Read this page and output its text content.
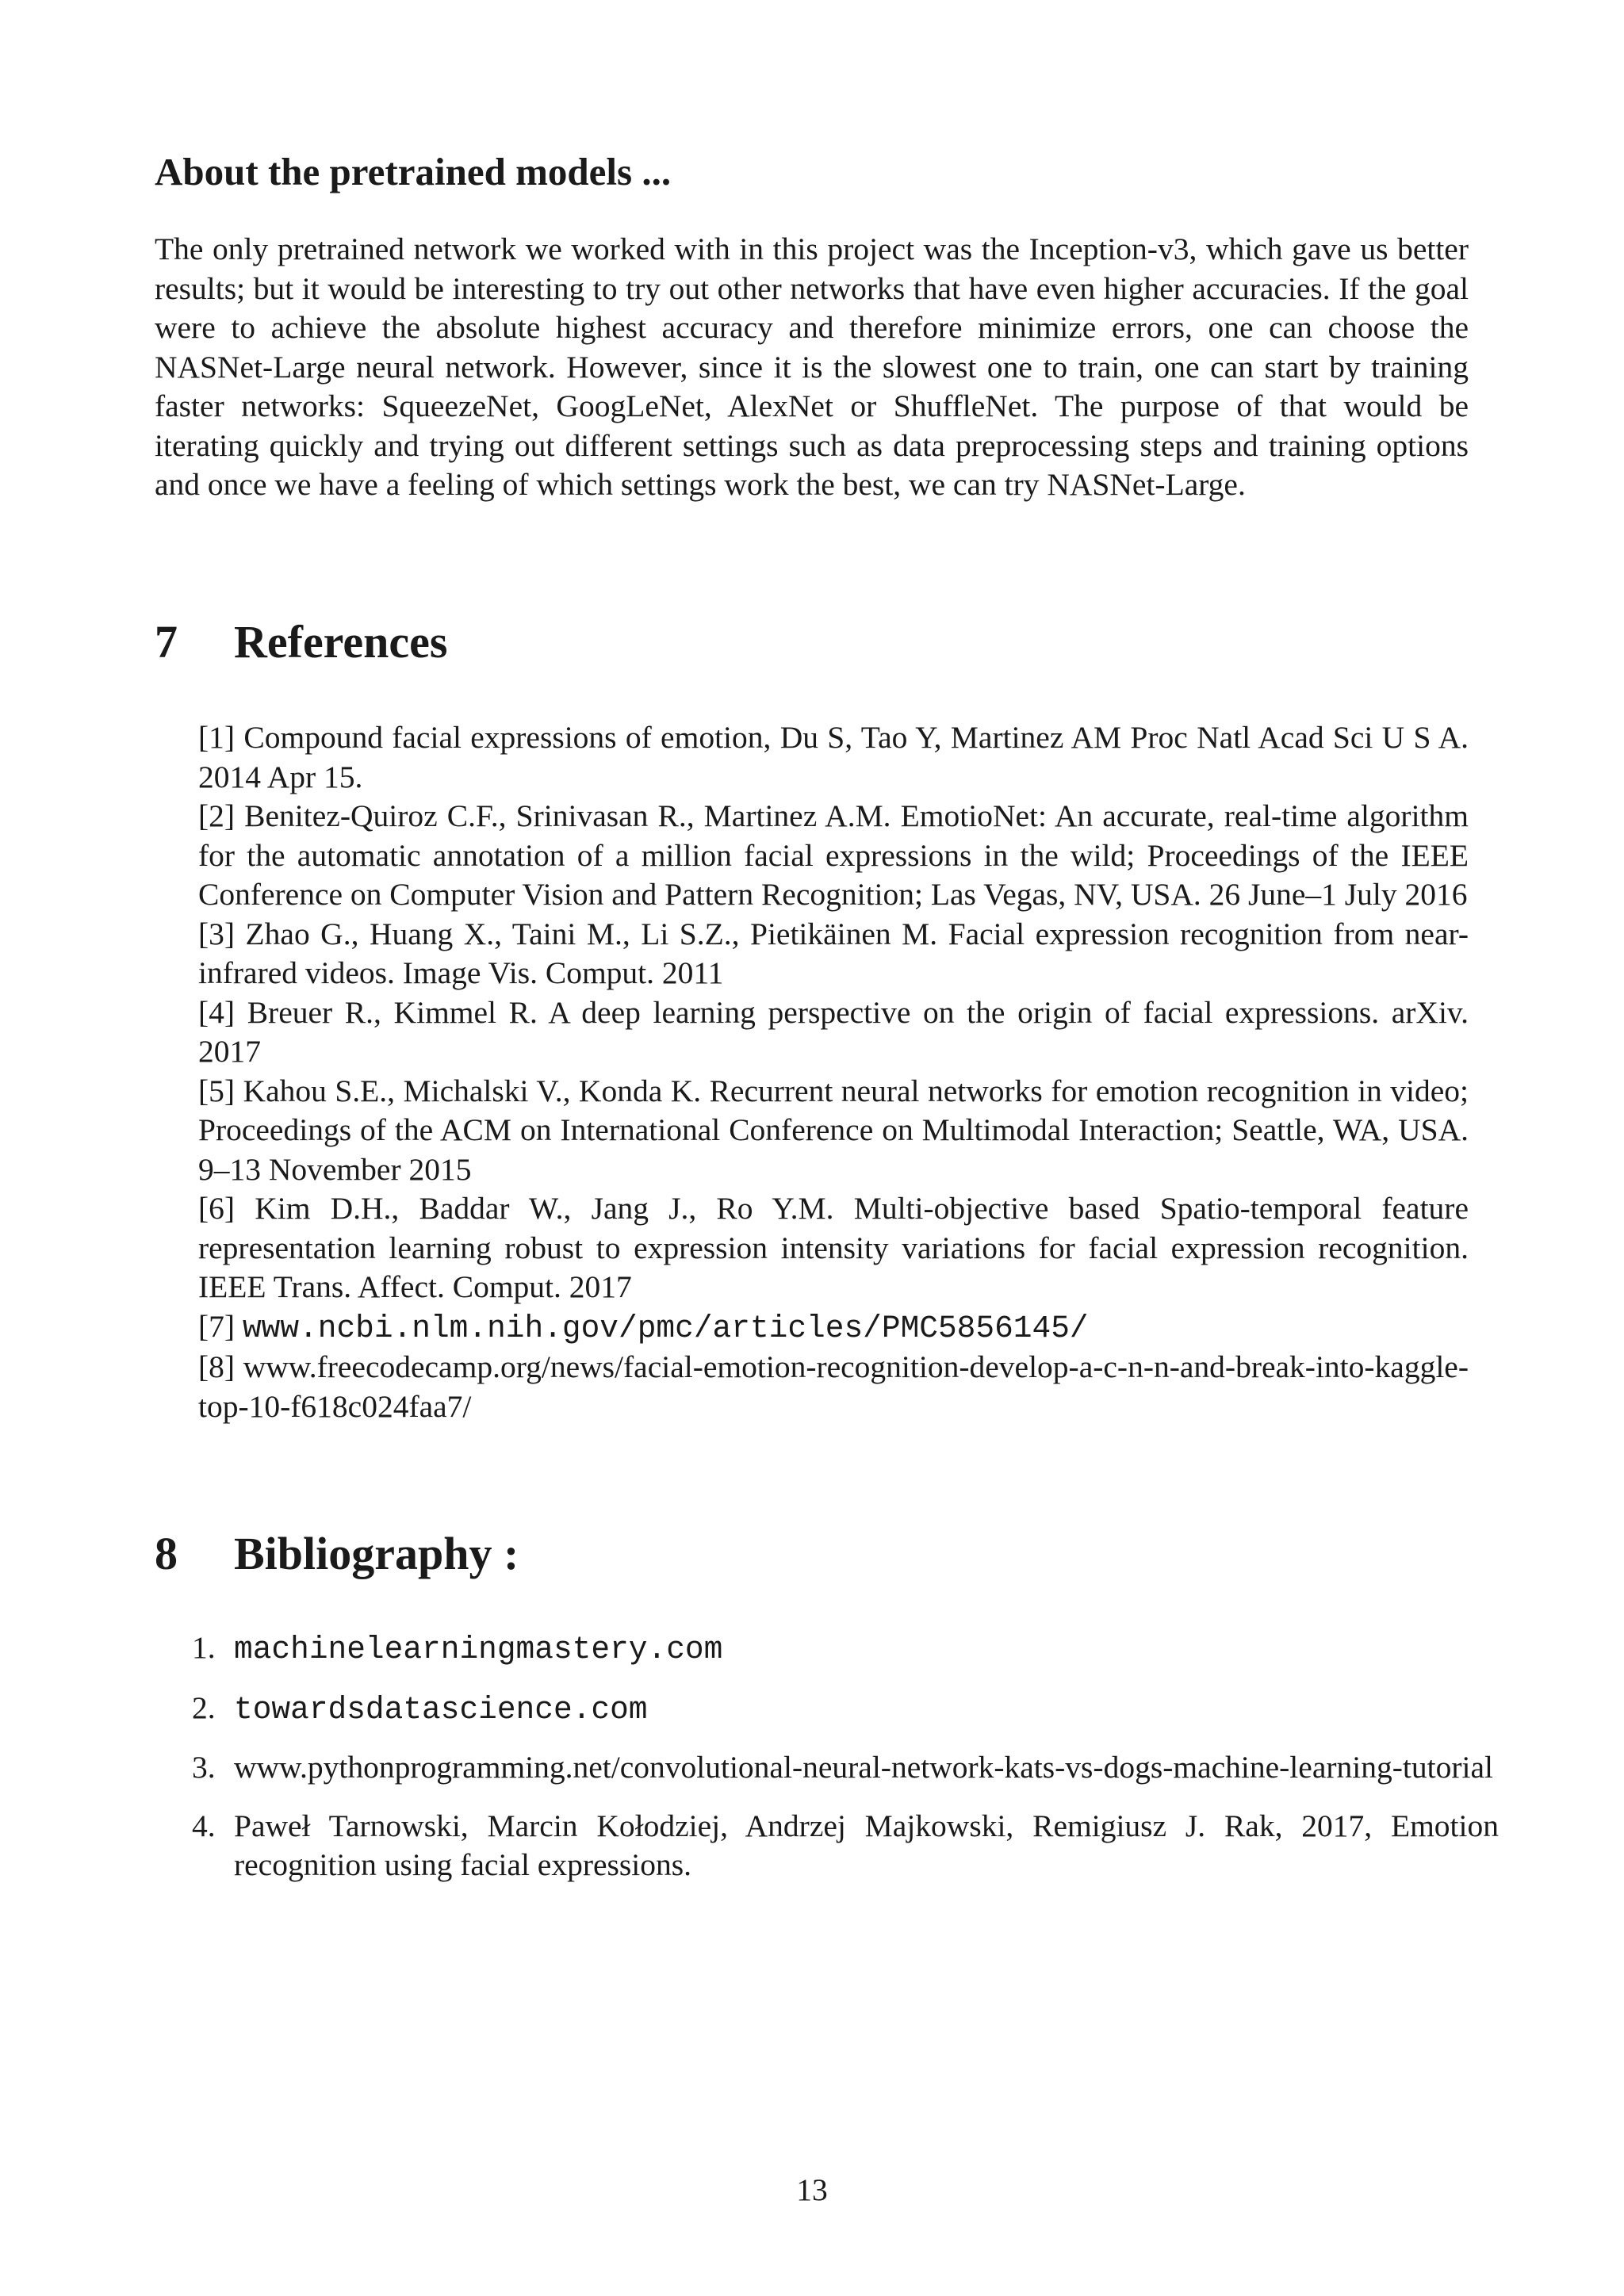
About the pretrained models ...

The only pretrained network we worked with in this project was the Inception-v3, which gave us better results; but it would be interesting to try out other networks that have even higher accuracies. If the goal were to achieve the absolute highest accuracy and therefore minimize errors, one can choose the NASNet-Large neural network. However, since it is the slowest one to train, one can start by training faster networks: SqueezeNet, GoogLeNet, AlexNet or ShuffleNet. The purpose of that would be iterating quickly and trying out different settings such as data preprocessing steps and training options and once we have a feeling of which settings work the best, we can try NASNet-Large.

7 References
[1] Compound facial expressions of emotion, Du S, Tao Y, Martinez AM Proc Natl Acad Sci U S A. 2014 Apr 15.
[2] Benitez-Quiroz C.F., Srinivasan R., Martinez A.M. EmotioNet: An accurate, real-time algorithm for the automatic annotation of a million facial expressions in the wild; Proceedings of the IEEE Conference on Computer Vision and Pattern Recognition; Las Vegas, NV, USA. 26 June–1 July 2016
[3] Zhao G., Huang X., Taini M., Li S.Z., Pietikäinen M. Facial expression recognition from near-infrared videos. Image Vis. Comput. 2011
[4] Breuer R., Kimmel R. A deep learning perspective on the origin of facial expressions. arXiv. 2017
[5] Kahou S.E., Michalski V., Konda K. Recurrent neural networks for emotion recognition in video; Proceedings of the ACM on International Conference on Multimodal Interaction; Seattle, WA, USA. 9–13 November 2015
[6] Kim D.H., Baddar W., Jang J., Ro Y.M. Multi-objective based Spatio-temporal feature representation learning robust to expression intensity variations for facial expression recognition. IEEE Trans. Affect. Comput. 2017
[7] www.ncbi.nlm.nih.gov/pmc/articles/PMC5856145/
[8] www.freecodecamp.org/news/facial-emotion-recognition-develop-a-c-n-n-and-break-into-kaggle-top-10-f618c024faa7/
8 Bibliography :
1. machinelearningmastery.com
2. towardsdatascience.com
3. www.pythonprogramming.net/convolutional-neural-network-kats-vs-dogs-machine-learning-tutorial
4. Paweł Tarnowski, Marcin Kołodziej, Andrzej Majkowski, Remigiusz J. Rak, 2017, Emotion recognition using facial expressions.
13
